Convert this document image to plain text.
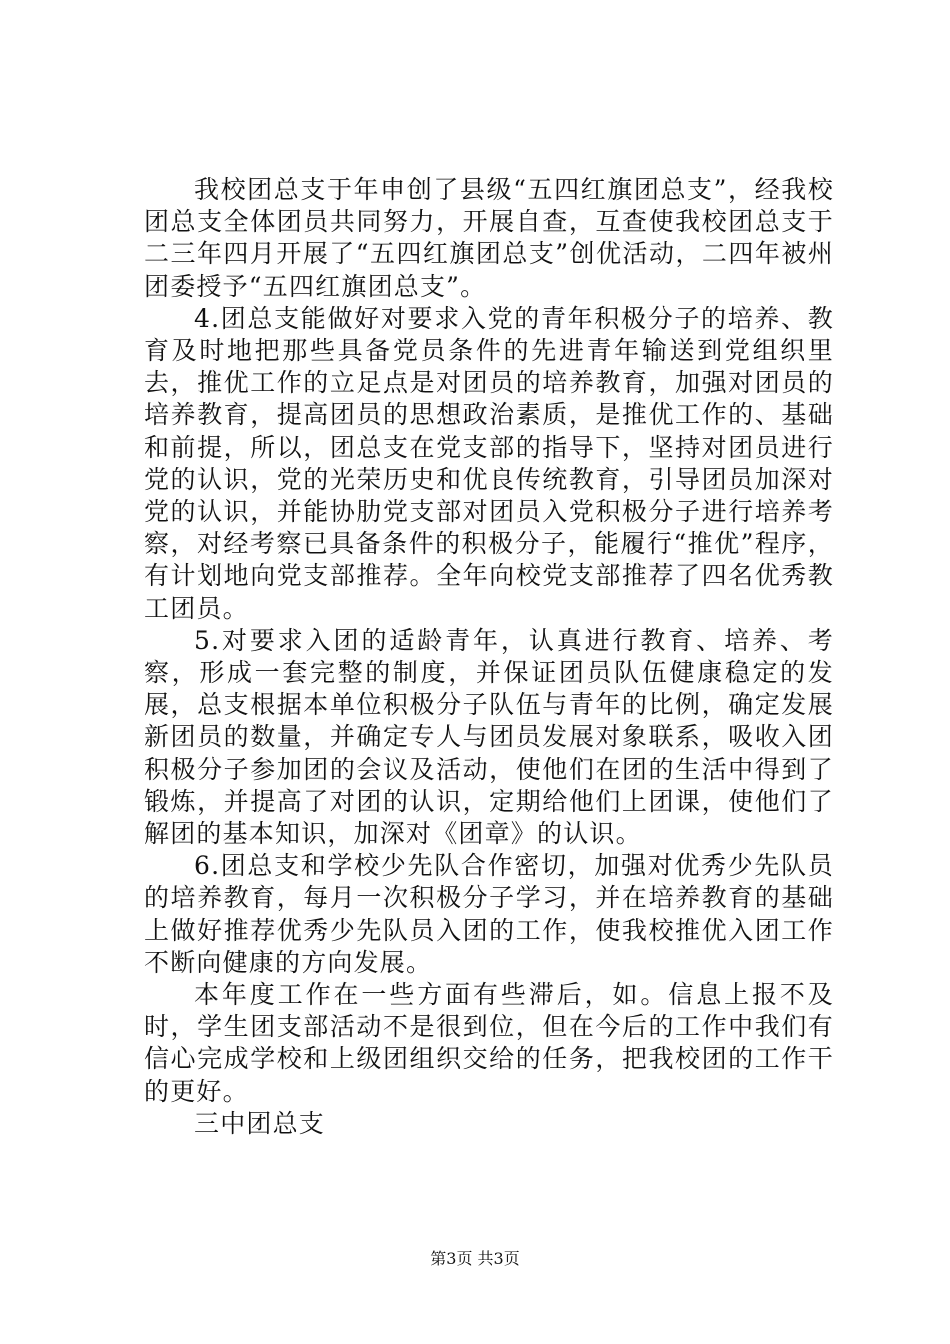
我校团总支于年申创了县级“五四红旗团总支”，经我校团总支全体团员共同努力，开展自查，互查使我校团总支于二三年四月开展了“五四红旗团总支”创优活动，二四年被州团委授予“五四红旗团总支”。

4.团总支能做好对要求入党的青年积极分子的培养、教育及时地把那些具备党员条件的先进青年输送到党组织里去，推优工作的立足点是对团员的培养教育，加强对团员的培养教育，提高团员的思想政治素质，是推优工作的、基础和前提，所以，团总支在党支部的指导下，坚持对团员进行党的认识，党的光荣历史和优良传统教育，引导团员加深对党的认识，并能协肋党支部对团员入党积极分子进行培养考察，对经考察已具备条件的积极分子，能履行“推优”程序，有计划地向党支部推荐。全年向校党支部推荐了四名优秀教工团员。

5.对要求入团的适龄青年，认真进行教育、培养、考察，形成一套完整的制度，并保证团员队伍健康稳定的发展，总支根据本单位积极分子队伍与青年的比例，确定发展新团员的数量，并确定专人与团员发展对象联系，吸收入团积极分子参加团的会议及活动，使他们在团的生活中得到了锻炼，并提高了对团的认识，定期给他们上团课，使他们了解团的基本知识，加深对《团章》的认识。

6.团总支和学校少先队合作密切，加强对优秀少先队员的培养教育，每月一次积极分子学习，并在培养教育的基础上做好推荐优秀少先队员入团的工作，使我校推优入团工作不断向健康的方向发展。

本年度工作在一些方面有些滞后，如。信息上报不及时，学生团支部活动不是很到位，但在今后的工作中我们有信心完成学校和上级团组织交给的任务，把我校团的工作干的更好。

三中团总支

第3页 共3页
